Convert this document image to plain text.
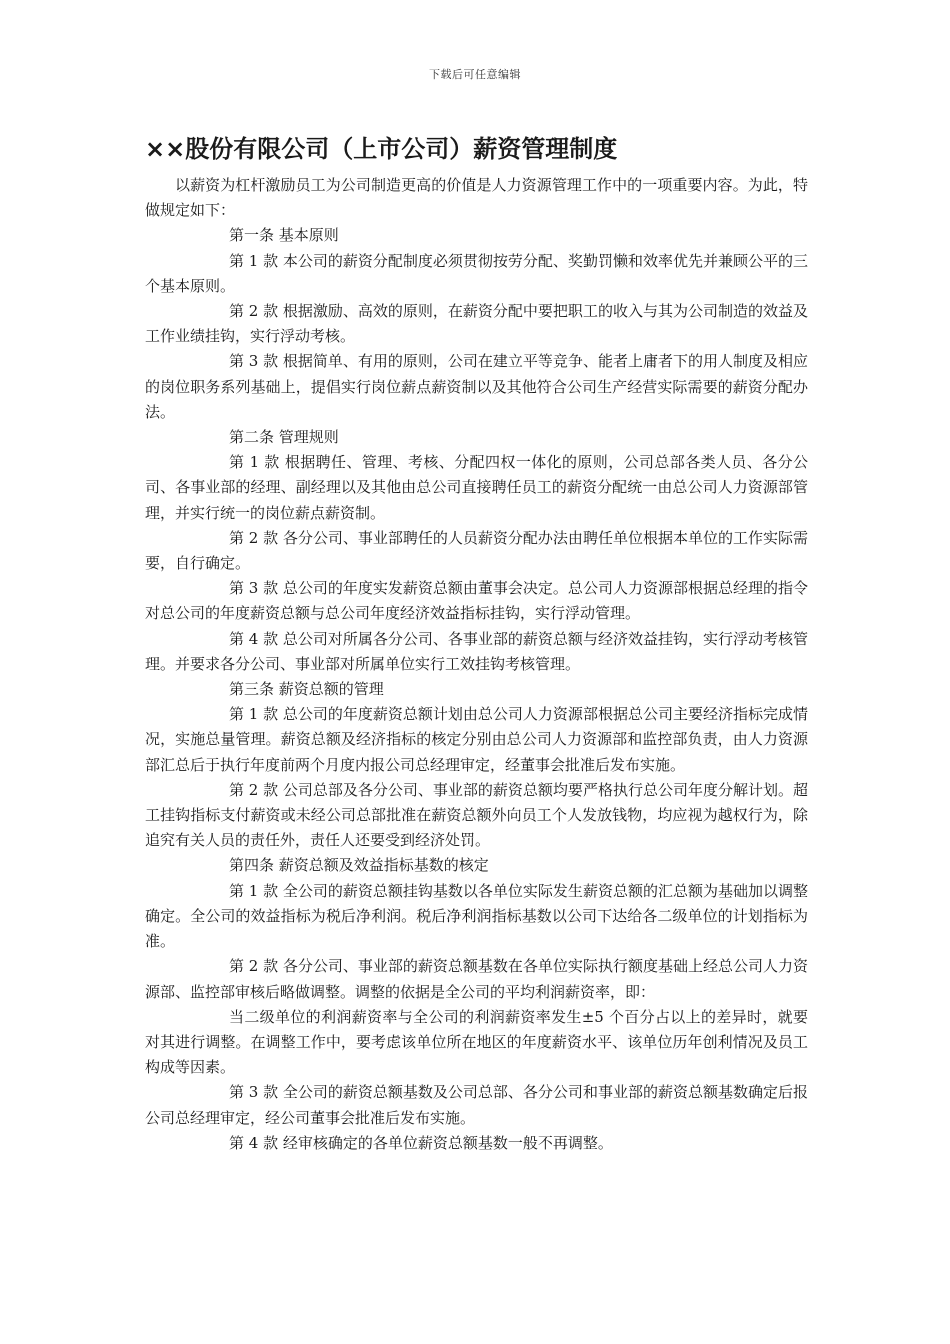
下载后可任意编辑
××股份有限公司（上市公司）薪资管理制度

以薪资为杠杆激励员工为公司制造更高的价值是人力资源管理工作中的一项重要内容。为此，特做规定如下：

第一条 基本原则

第 1 款 本公司的薪资分配制度必须贯彻按劳分配、奖勤罚懒和效率优先并兼顾公平的三个基本原则。

第 2 款 根据激励、高效的原则，在薪资分配中要把职工的收入与其为公司制造的效益及工作业绩挂钩，实行浮动考核。

第 3 款 根据简单、有用的原则，公司在建立平等竞争、能者上庸者下的用人制度及相应的岗位职务系列基础上，提倡实行岗位薪点薪资制以及其他符合公司生产经营实际需要的薪资分配办法。

第二条 管理规则

第 1 款 根据聘任、管理、考核、分配四权一体化的原则，公司总部各类人员、各分公司、各事业部的经理、副经理以及其他由总公司直接聘任员工的薪资分配统一由总公司人力资源部管理，并实行统一的岗位薪点薪资制。

第 2 款 各分公司、事业部聘任的人员薪资分配办法由聘任单位根据本单位的工作实际需要，自行确定。

第 3 款 总公司的年度实发薪资总额由董事会决定。总公司人力资源部根据总经理的指令对总公司的年度薪资总额与总公司年度经济效益指标挂钩，实行浮动管理。

第 4 款 总公司对所属各分公司、各事业部的薪资总额与经济效益挂钩，实行浮动考核管理。并要求各分公司、事业部对所属单位实行工效挂钩考核管理。

第三条 薪资总额的管理

第 1 款 总公司的年度薪资总额计划由总公司人力资源部根据总公司主要经济指标完成情况，实施总量管理。薪资总额及经济指标的核定分别由总公司人力资源部和监控部负责，由人力资源部汇总后于执行年度前两个月度内报公司总经理审定，经董事会批准后发布实施。

第 2 款 公司总部及各分公司、事业部的薪资总额均要严格执行总公司年度分解计划。超工挂钩指标支付薪资或未经公司总部批准在薪资总额外向员工个人发放钱物，均应视为越权行为，除追究有关人员的责任外，责任人还要受到经济处罚。

第四条 薪资总额及效益指标基数的核定

第 1 款 全公司的薪资总额挂钩基数以各单位实际发生薪资总额的汇总额为基础加以调整确定。全公司的效益指标为税后净利润。税后净利润指标基数以公司下达给各二级单位的计划指标为准。

第 2 款 各分公司、事业部的薪资总额基数在各单位实际执行额度基础上经总公司人力资源部、监控部审核后略做调整。调整的依据是全公司的平均利润薪资率，即：

当二级单位的利润薪资率与全公司的利润薪资率发生±5 个百分占以上的差异时，就要对其进行调整。在调整工作中，要考虑该单位所在地区的年度薪资水平、该单位历年创利情况及员工构成等因素。

第 3 款 全公司的薪资总额基数及公司总部、各分公司和事业部的薪资总额基数确定后报公司总经理审定，经公司董事会批准后发布实施。

第 4 款 经审核确定的各单位薪资总额基数一般不再调整。
